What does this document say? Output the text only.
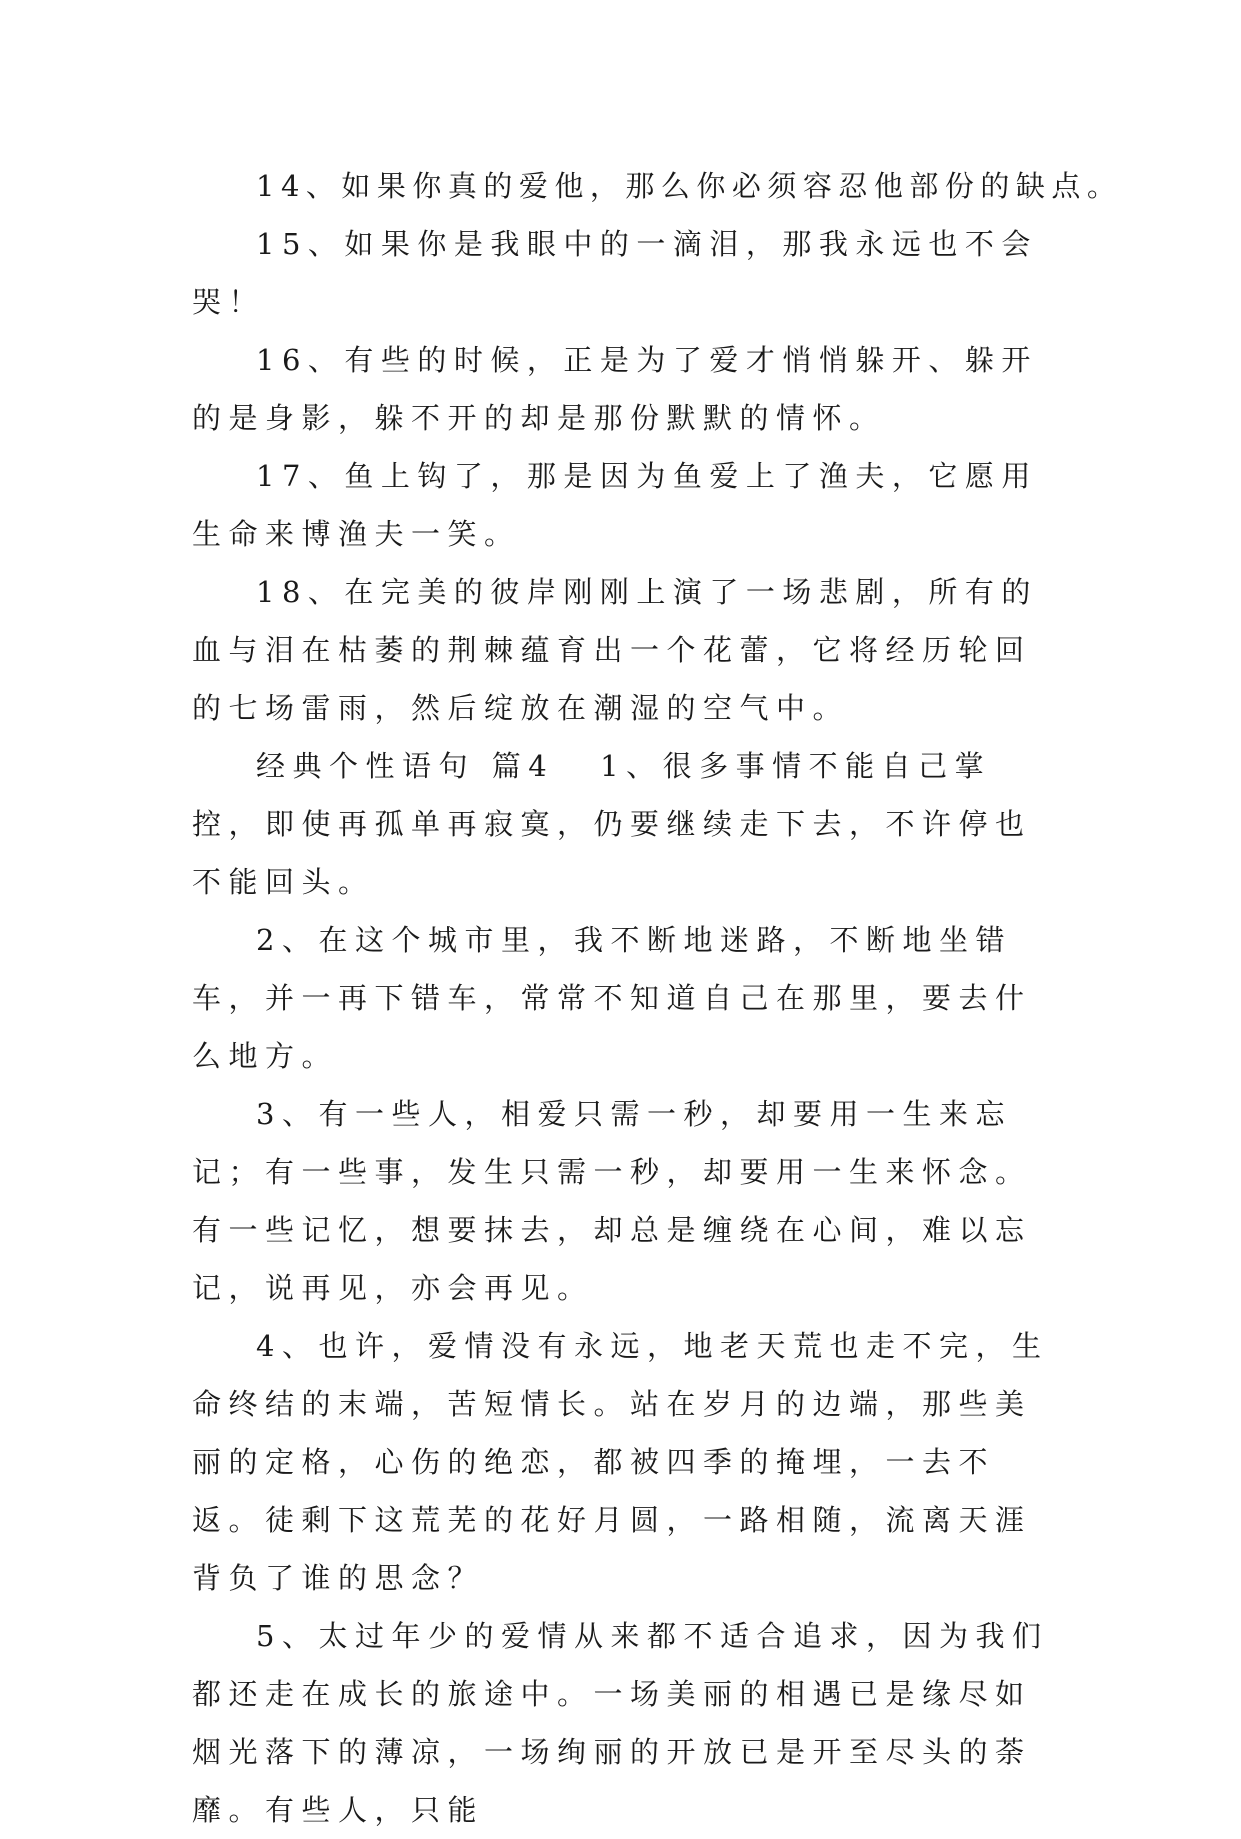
14、如果你真的爱他，那么你必须容忍他部份的缺点。

15、如果你是我眼中的一滴泪，那我永远也不会哭！

16、有些的时候，正是为了爱才悄悄躲开、躲开的是身影，躲不开的却是那份默默的情怀。

17、鱼上钩了，那是因为鱼爱上了渔夫，它愿用生命来博渔夫一笑。

18、在完美的彼岸刚刚上演了一场悲剧，所有的血与泪在枯萎的荆棘蕴育出一个花蕾，它将经历轮回的七场雷雨，然后绽放在潮湿的空气中。

经典个性语句 篇4 1、很多事情不能自己掌控，即使再孤单再寂寞，仍要继续走下去，不许停也不能回头。

2、在这个城市里，我不断地迷路，不断地坐错车，并一再下错车，常常不知道自己在那里，要去什么地方。

3、有一些人，相爱只需一秒，却要用一生来忘记；有一些事，发生只需一秒，却要用一生来怀念。有一些记忆，想要抹去，却总是缠绕在心间，难以忘记，说再见，亦会再见。

4、也许，爱情没有永远，地老天荒也走不完，生命终结的末端，苦短情长。站在岁月的边端，那些美丽的定格，心伤的绝恋，都被四季的掩埋，一去不返。徒剩下这荒芜的花好月圆，一路相随，流离天涯背负了谁的思念？

5、太过年少的爱情从来都不适合追求，因为我们都还走在成长的旅途中。一场美丽的相遇已是缘尽如烟光落下的薄凉，一场绚丽的开放已是开至尽头的荼靡。有些人，只能
